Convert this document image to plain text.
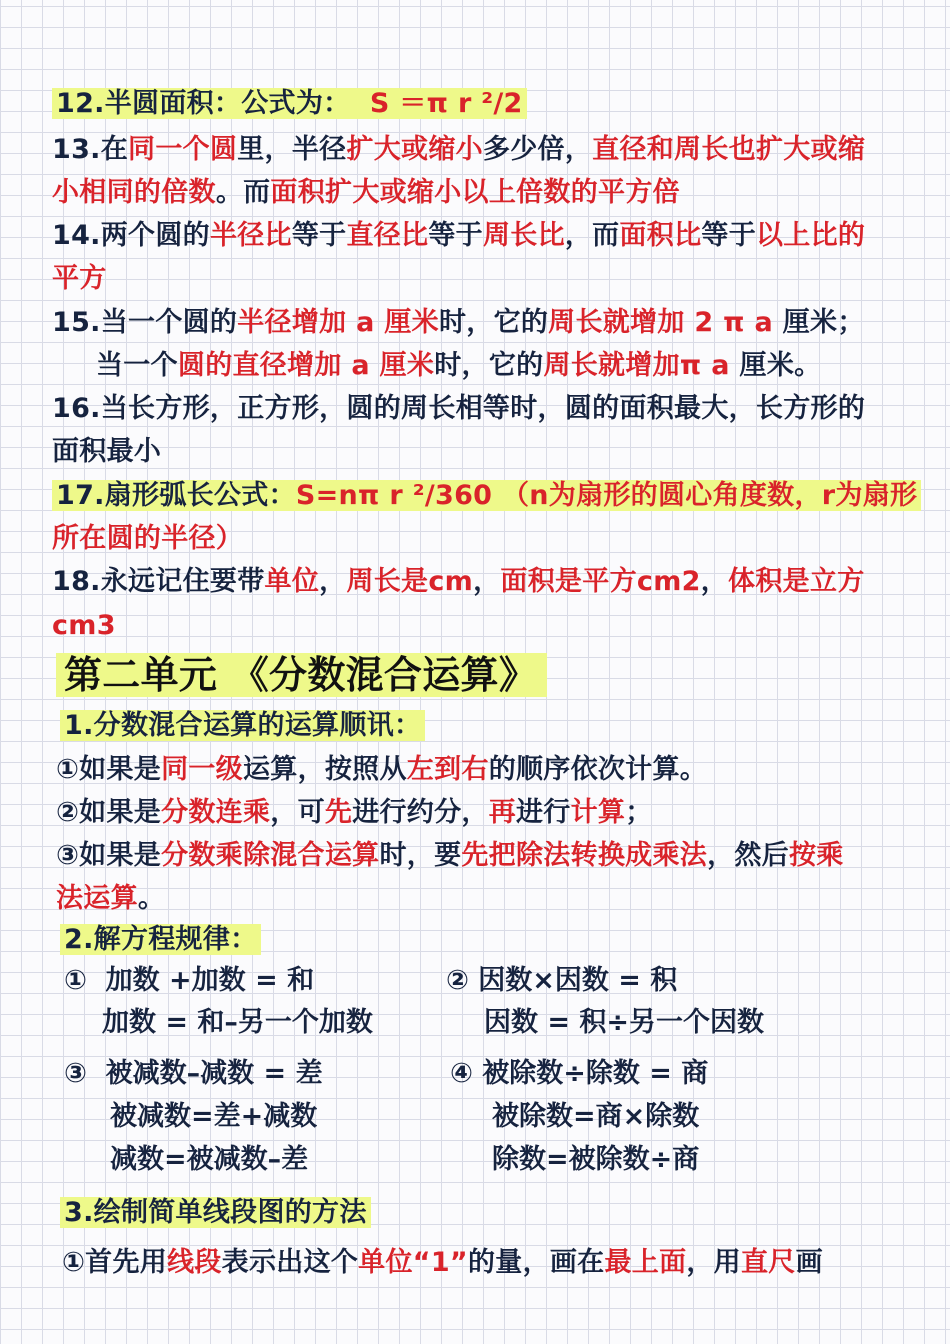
12.半圆面积：公式为：  S ＝π r ²/2
13.在同一个圆里，半径扩大或缩小多少倍，直径和周长也扩大或缩
小相同的倍数。而面积扩大或缩小以上倍数的平方倍
14.两个圆的半径比等于直径比等于周长比，而面积比等于以上比的
平方
15.当一个圆的半径增加 a 厘米时，它的周长就增加 2 π a 厘米；
当一个圆的直径增加 a 厘米时，它的周长就增加π a 厘米。
16.当长方形，正方形，圆的周长相等时，圆的面积最大，长方形的
面积最小
17.扇形弧长公式：S=nπ r ²/360 （n为扇形的圆心角度数，r为扇形
所在圆的半径）
18.永远记住要带单位，周长是cm，面积是平方cm2，体积是立方
cm3
第二单元 《分数混合运算》
1.分数混合运算的运算顺讯：
①如果是同一级运算，按照从左到右的顺序依次计算。
②如果是分数连乘，可先进行约分，再进行计算；
③如果是分数乘除混合运算时，要先把除法转换成乘法，然后按乘
法运算。
2.解方程规律：
3.绘制简单线段图的方法
①首先用线段表示出这个单位“1”的量，画在最上面，用直尺画
①  加数 +加数 = 和
加数 = 和–另一个加数
② 因数×因数 = 积
因数 = 积÷另一个因数
③  被减数–减数 = 差
被减数=差+减数
减数=被减数–差
④ 被除数÷除数 = 商
被除数=商×除数
除数=被除数÷商
